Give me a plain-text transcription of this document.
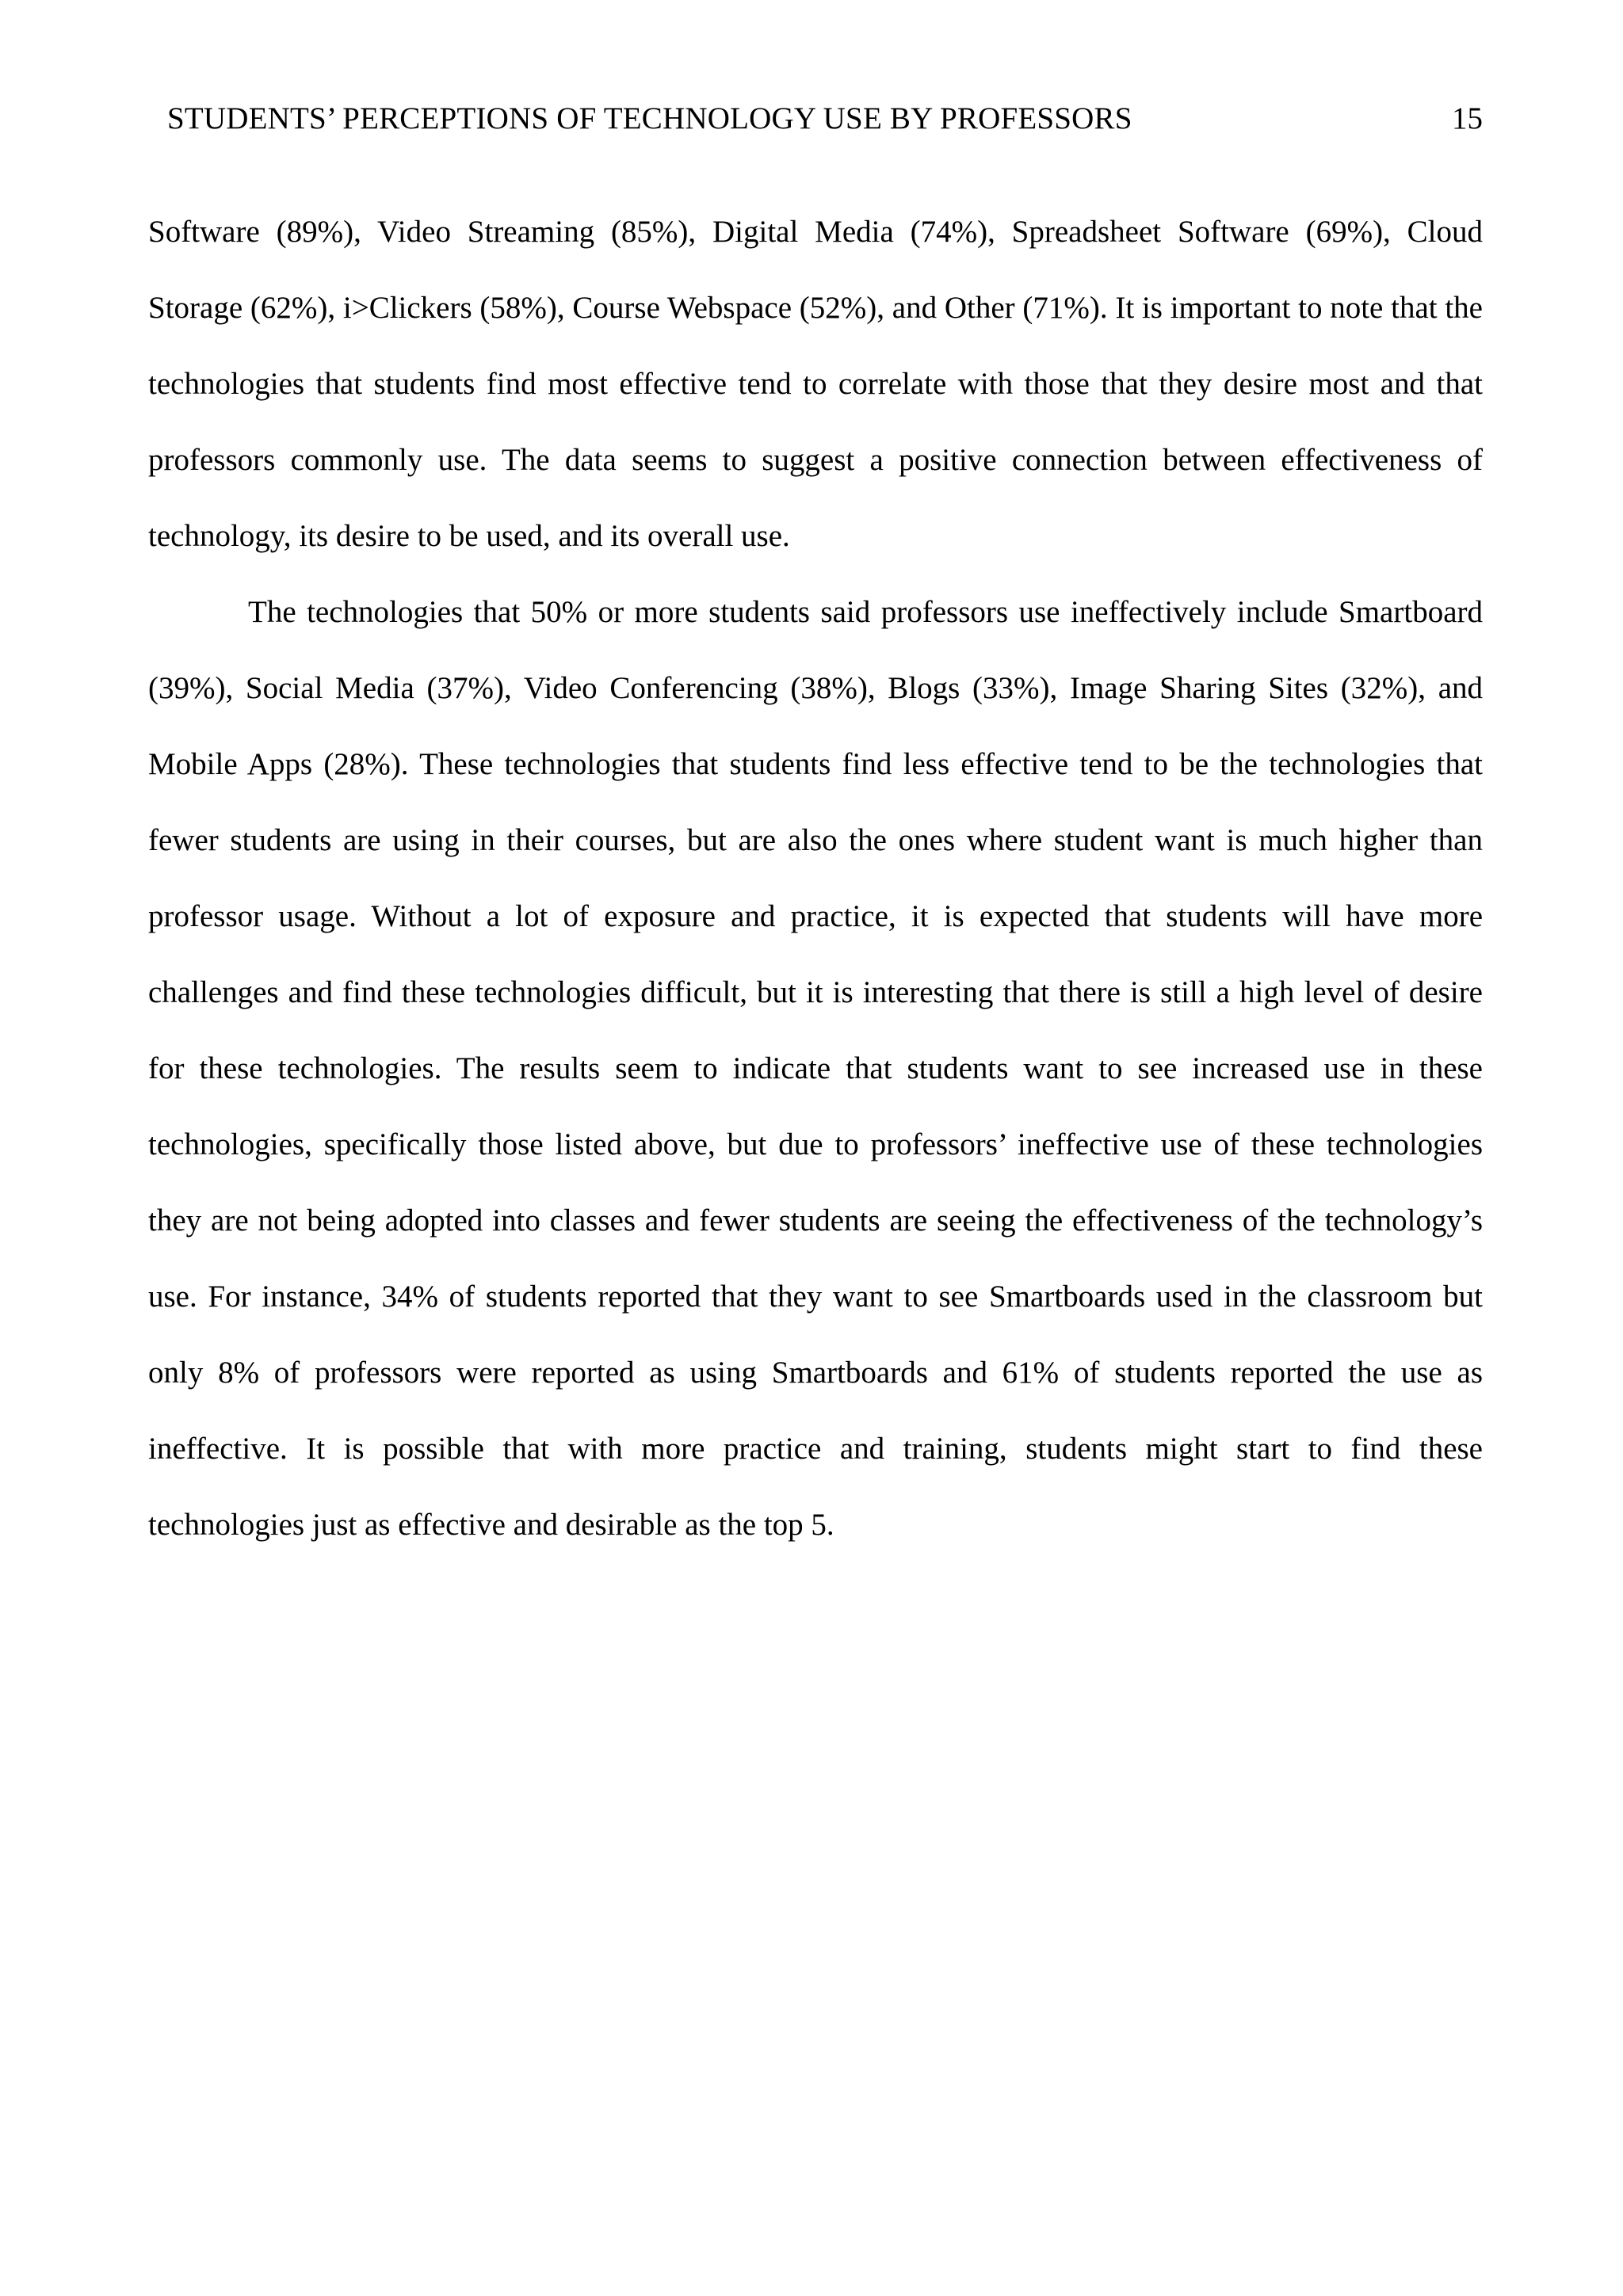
STUDENTS’ PERCEPTIONS OF TECHNOLOGY USE BY PROFESSORS	15

Software (89%), Video Streaming (85%), Digital Media (74%), Spreadsheet Software (69%), Cloud Storage (62%), i>Clickers (58%), Course Webspace (52%), and Other (71%). It is important to note that the technologies that students find most effective tend to correlate with those that they desire most and that professors commonly use. The data seems to suggest a positive connection between effectiveness of technology, its desire to be used, and its overall use.

The technologies that 50% or more students said professors use ineffectively include Smartboard (39%), Social Media (37%), Video Conferencing (38%), Blogs (33%), Image Sharing Sites (32%), and Mobile Apps (28%). These technologies that students find less effective tend to be the technologies that fewer students are using in their courses, but are also the ones where student want is much higher than professor usage. Without a lot of exposure and practice, it is expected that students will have more challenges and find these technologies difficult, but it is interesting that there is still a high level of desire for these technologies. The results seem to indicate that students want to see increased use in these technologies, specifically those listed above, but due to professors’ ineffective use of these technologies they are not being adopted into classes and fewer students are seeing the effectiveness of the technology’s use. For instance, 34% of students reported that they want to see Smartboards used in the classroom but only 8% of professors were reported as using Smartboards and 61% of students reported the use as ineffective. It is possible that with more practice and training, students might start to find these technologies just as effective and desirable as the top 5.
